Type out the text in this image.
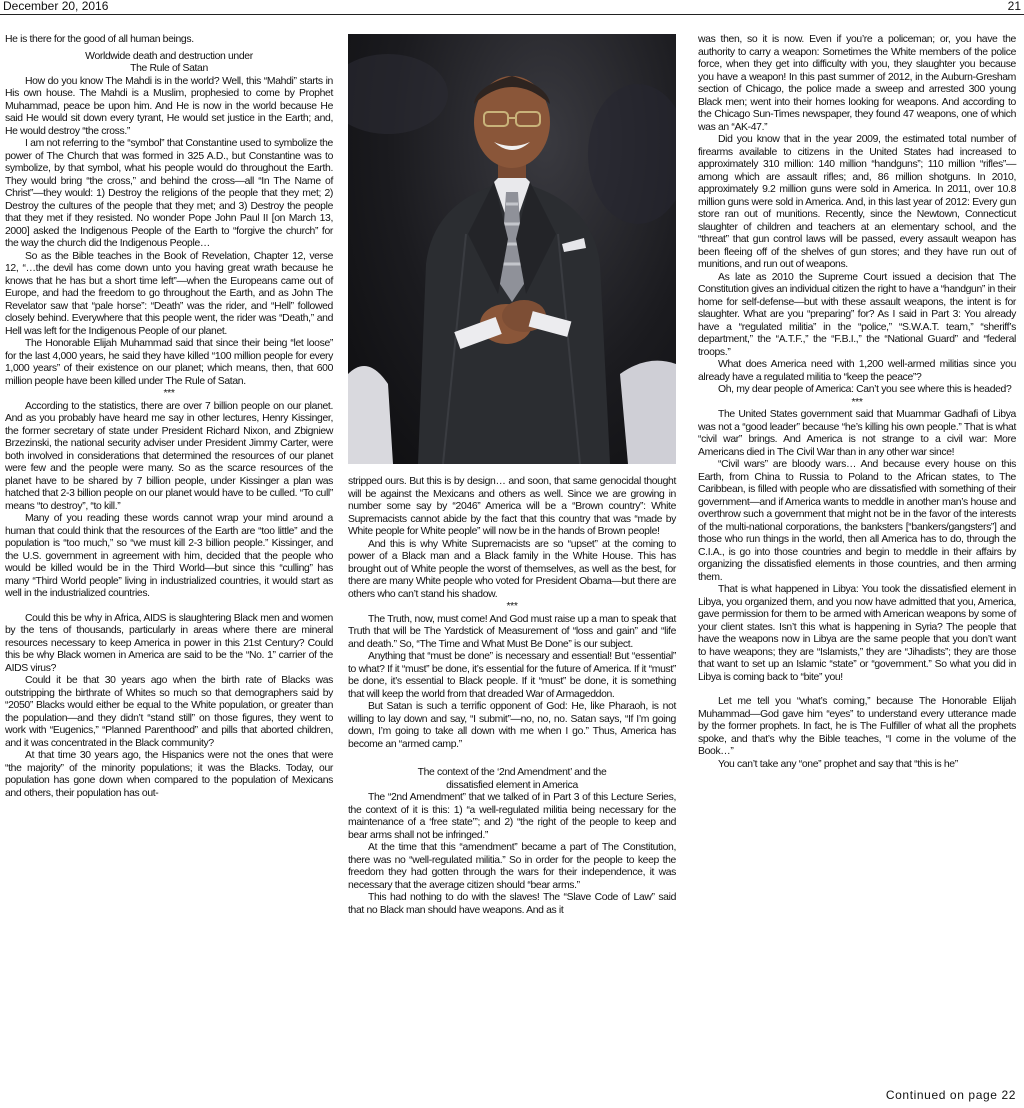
December 20, 2016	21

He is there for the good of all human beings.

Worldwide death and destruction under

The Rule of Satan

How do you know The Mahdi is in the world? Well, this “Mahdi” starts in His own house. The Mahdi is a Muslim, prophesied to come by Prophet Muhammad, peace be upon him. And He is now in the world because He said He would sit down every tyrant, He would set justice in the Earth; and, He would destroy “the cross.”

I am not referring to the “symbol” that Constantine used to symbolize the power of The Church that was formed in 325 A.D., but Constantine was to symbolize, by that symbol, what his people would do throughout the Earth. They would bring “the cross,” and behind the cross—all “In The Name of Christ”—they would: 1) Destroy the religions of the people that they met; 2) Destroy the cultures of the people that they met; and 3) Destroy the people that they met if they resisted. No wonder Pope John Paul II [on March 13, 2000] asked the Indigenous People of the Earth to “forgive the church” for the way the church did the Indigenous People…

So as the Bible teaches in the Book of Revelation, Chapter 12, verse 12, “…the devil has come down unto you having great wrath because he knows that he has but a short time left”—when the Europeans came out of Europe, and had the freedom to go throughout the Earth, and as John The Revelator saw that “pale horse”: “Death” was the rider, and “Hell” followed closely behind. Everywhere that this people went, the rider was “Death,” and Hell was left for the Indigenous People of our planet.

The Honorable Elijah Muhammad said that since their being “let loose” for the last 4,000 years, he said they have killed “100 million people for every 1,000 years” of their existence on our planet; which means, then, that 600 million people have been killed under The Rule of Satan.

***

According to the statistics, there are over 7 billion people on our planet. And as you probably have heard me say in other lectures, Henry Kissinger, the former secretary of state under President Richard Nixon, and Zbigniew Brzezinski, the national security adviser under President Jimmy Carter, were both involved in considerations that determined the resources of our planet were few and the people were many. So as the scarce resources of the planet have to be shared by 7 billion people, under Kissinger a plan was hatched that 2-3 billion people on our planet would have to be culled. “To cull” means “to destroy”, “to kill.”

Many of you reading these words cannot wrap your mind around a human that could think that the resources of the Earth are “too little” and the population is “too much,” so “we must kill 2-3 billion people.” Kissinger, and the U.S. government in agreement with him, decided that the people who would be killed would be in the Third World—but since this “culling” has many “Third World people” living in industrialized countries, it would start as well in the industrialized countries.

Could this be why in Africa, AIDS is slaughtering Black men and women by the tens of thousands, particularly in areas where there are mineral resources necessary to keep America in power in this 21st Century? Could this be why Black women in America are said to be the “No. 1” carrier of the AIDS virus?

Could it be that 30 years ago when the birth rate of Blacks was outstripping the birthrate of Whites so much so that demographers said by “2050” Blacks would either be equal to the White population, or greater than the population—and they didn’t “stand still” on those figures, they went to work with “Eugenics,” “Planned Parenthood” and pills that aborted children, and it was concentrated in the Black community?

At that time 30 years ago, the Hispanics were not the ones that were “the majority” of the minority populations; it was the Blacks. Today, our population has gone down when compared to the population of Mexicans and others, their population has out-

stripped ours. But this is by design… and soon, that same genocidal thought will be against the Mexicans and others as well. Since we are growing in number some say by “2046” America will be a “Brown country”: White Supremacists cannot abide by the fact that this country that was “made by White people for White people” will now be in the hands of Brown people!

And this is why White Supremacists are so “upset” at the coming to power of a Black man and a Black family in the White House. This has brought out of White people the worst of themselves, as well as the best, for there are many White people who voted for President Obama—but there are others who can’t stand his shadow.

***

The Truth, now, must come! And God must raise up a man to speak that Truth that will be The Yardstick of Measurement of “loss and gain” and “life and death.” So, “The Time and What Must Be Done” is our subject.

Anything that “must be done” is necessary and essential! But “essential” to what? If it “must” be done, it’s essential for the future of America. If it “must” be done, it’s essential to Black people. If it “must” be done, it is something that will keep the world from that dreaded War of Armageddon.

But Satan is such a terrific opponent of God: He, like Pharaoh, is not willing to lay down and say, “I submit”—no, no, no. Satan says, “If I’m going down, I’m going to take all down with me when I go.” Thus, America has become an “armed camp.”

The context of the ‘2nd Amendment’ and the

dissatisfied element in America

The “2nd Amendment” that we talked of in Part 3 of this Lecture Series, the context of it is this: 1) “a well-regulated militia being necessary for the maintenance of a ‘free state’”; and 2) “the right of the people to keep and bear arms shall not be infringed.”

At the time that this “amendment” became a part of The Constitution, there was no “well-regulated militia.” So in order for the people to keep the freedom they had gotten through the wars for their independence, it was necessary that the average citizen should “bear arms.”

This had nothing to do with the slaves! The “Slave Code of Law” said that no Black man should have weapons. And as it

was then, so it is now. Even if you’re a policeman; or, you have the authority to carry a weapon: Sometimes the White members of the police force, when they get into difficulty with you, they slaughter you because you have a weapon! In this past summer of 2012, in the Auburn-Gresham section of Chicago, the police made a sweep and arrested 300 young Black men; went into their homes looking for weapons. And according to the Chicago Sun-Times newspaper, they found 47 weapons, one of which was an “AK-47.”

Did you know that in the year 2009, the estimated total number of firearms available to citizens in the United States had increased to approximately 310 million: 140 million “handguns”; 110 million “rifles”—among which are assault rifles; and, 86 million shotguns. In 2010, approximately 9.2 million guns were sold in America. In 2011, over 10.8 million guns were sold in America. And, in this last year of 2012: Every gun store ran out of munitions. Recently, since the Newtown, Connecticut slaughter of children and teachers at an elementary school, and the “threat” that gun control laws will be passed, every assault weapon has been fleeing off of the shelves of gun stores; and they have run out of munitions, and run out of weapons.

As late as 2010 the Supreme Court issued a decision that The Constitution gives an individual citizen the right to have a “handgun” in their home for self-defense—but with these assault weapons, the intent is for slaughter. What are you “preparing” for? As I said in Part 3: You already have a “regulated militia” in the “police,” “S.W.A.T. team,” “sheriff’s department,” the “A.T.F.,” the “F.B.I.,” the “National Guard” and “federal troops.”

What does America need with 1,200 well-armed militias since you already have a regulated militia to “keep the peace”?

Oh, my dear people of America: Can’t you see where this is headed?

***

The United States government said that Muammar Gadhafi of Libya was not a “good leader” because “he’s killing his own people.” That is what “civil war” brings. And America is not strange to a civil war: More Americans died in The Civil War than in any other war since!

“Civil wars” are bloody wars… And because every house on this Earth, from China to Russia to Poland to the African states, to The Caribbean, is filled with people who are dissatisfied with something of their government—and if America wants to meddle in another man’s house and overthrow such a government that might not be in the favor of the interests of the multi-national corporations, the banksters [“bankers/gangsters”] and those who run things in the world, then all America has to do, through the C.I.A., is go into those countries and begin to meddle in their affairs by organizing the dissatisfied elements in those countries, and then arming them.

That is what happened in Libya: You took the dissatisfied element in Libya, you organized them, and you now have admitted that you, America, gave permission for them to be armed with American weapons by some of your client states. Isn’t this what is happening in Syria? The people that have the weapons now in Libya are the same people that you don’t want to have weapons; they are “Islamists,” they are “Jihadists”; they are those that want to set up an Islamic “state” or “government.” So what you did in Libya is coming back to “bite” you!

Let me tell you “what’s coming,” because The Honorable Elijah Muhammad—God gave him “eyes” to understand every utterance made by the former prophets. In fact, he is The Fulfiller of what all the prophets spoke, and that’s why the Bible teaches, “I come in the volume of the Book…”

You can’t take any “one” prophet and say that “this is he”

Continued on page 22
